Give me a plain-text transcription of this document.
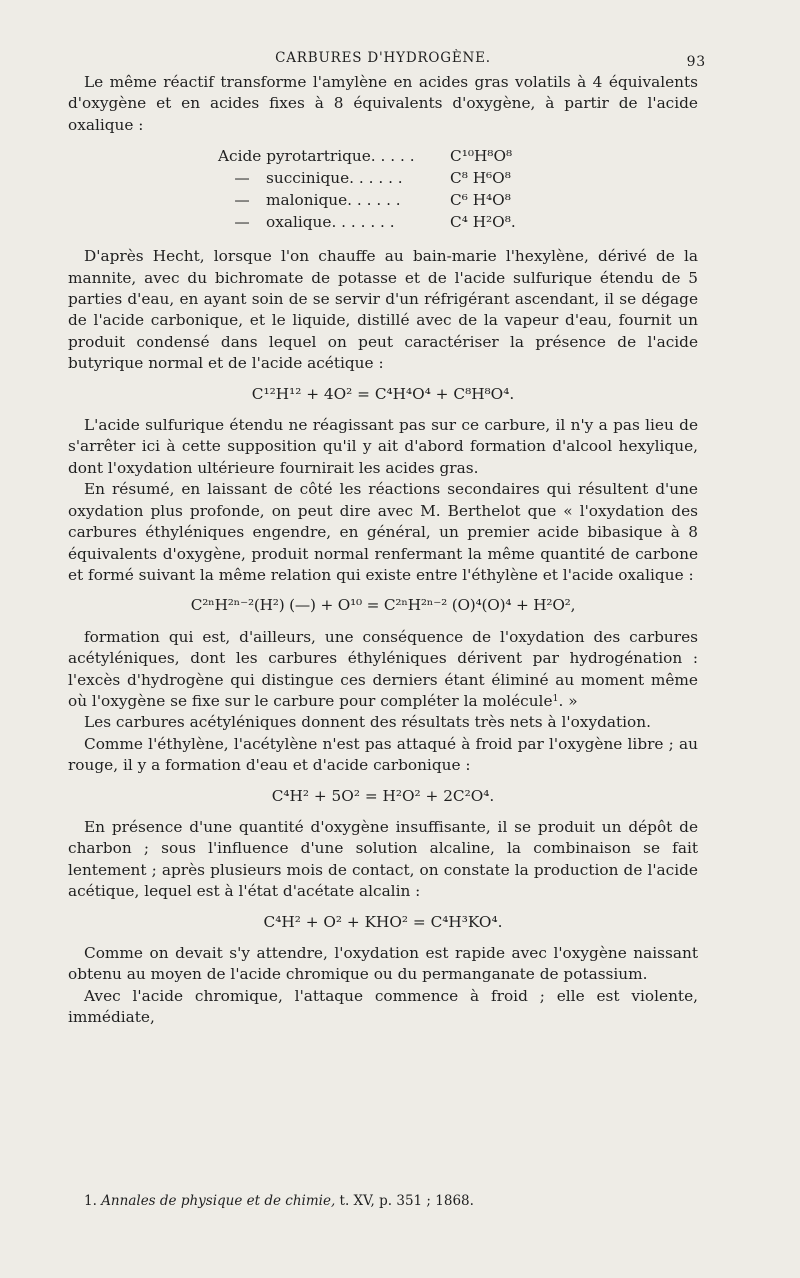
CARBURES D'HYDROGÈNE.	93

Le même réactif transforme l'amylène en acides gras volatils à 4 équivalents d'oxygène et en acides fixes à 8 équivalents d'oxygène, à partir de l'acide oxalique :

Acide pyrotartrique. . . . .	C¹⁰H⁸O⁸
— succinique. . . . . .	C⁸ H⁶O⁸
— malonique. . . . . .	C⁶ H⁴O⁸
— oxalique. . . . . . .	C⁴ H²O⁸.

D'après Hecht, lorsque l'on chauffe au bain-marie l'hexylène, dérivé de la mannite, avec du bichromate de potasse et de l'acide sulfurique étendu de 5 parties d'eau, en ayant soin de se servir d'un réfrigérant ascendant, il se dégage de l'acide carbonique, et le liquide, distillé avec de la vapeur d'eau, fournit un produit condensé dans lequel on peut caractériser la présence de l'acide butyrique normal et de l'acide acétique :

C¹²H¹² + 4O² = C⁴H⁴O⁴ + C⁸H⁸O⁴.

L'acide sulfurique étendu ne réagissant pas sur ce carbure, il n'y a pas lieu de s'arrêter ici à cette supposition qu'il y ait d'abord formation d'alcool hexylique, dont l'oxydation ultérieure fournirait les acides gras.

En résumé, en laissant de côté les réactions secondaires qui résultent d'une oxydation plus profonde, on peut dire avec M. Berthelot que « l'oxydation des carbures éthyléniques engendre, en général, un premier acide bibasique à 8 équivalents d'oxygène, produit normal renfermant la même quantité de carbone et formé suivant la même relation qui existe entre l'éthylène et l'acide oxalique :

C²ⁿH²ⁿ⁻²(H²) (—) + O¹⁰ = C²ⁿH²ⁿ⁻² (O)⁴(O)⁴ + H²O²,

formation qui est, d'ailleurs, une conséquence de l'oxydation des carbures acétyléniques, dont les carbures éthyléniques dérivent par hydrogénation : l'excès d'hydrogène qui distingue ces derniers étant éliminé au moment même où l'oxygène se fixe sur le carbure pour compléter la molécule$^1$. »

Les carbures acétyléniques donnent des résultats très nets à l'oxydation.

Comme l'éthylène, l'acétylène n'est pas attaqué à froid par l'oxygène libre ; au rouge, il y a formation d'eau et d'acide carbonique :

C⁴H² + 5O² = H²O² + 2C²O⁴.

En présence d'une quantité d'oxygène insuffisante, il se produit un dépôt de charbon ; sous l'influence d'une solution alcaline, la combinaison se fait lentement ; après plusieurs mois de contact, on constate la production de l'acide acétique, lequel est à l'état d'acétate alcalin :

C⁴H² + O² + KHO² = C⁴H³KO⁴.

Comme on devait s'y attendre, l'oxydation est rapide avec l'oxygène naissant obtenu au moyen de l'acide chromique ou du permanganate de potassium.

Avec l'acide chromique, l'attaque commence à froid ; elle est violente, immédiate,

1. Annales de physique et de chimie, t. XV, p. 351 ; 1868.
